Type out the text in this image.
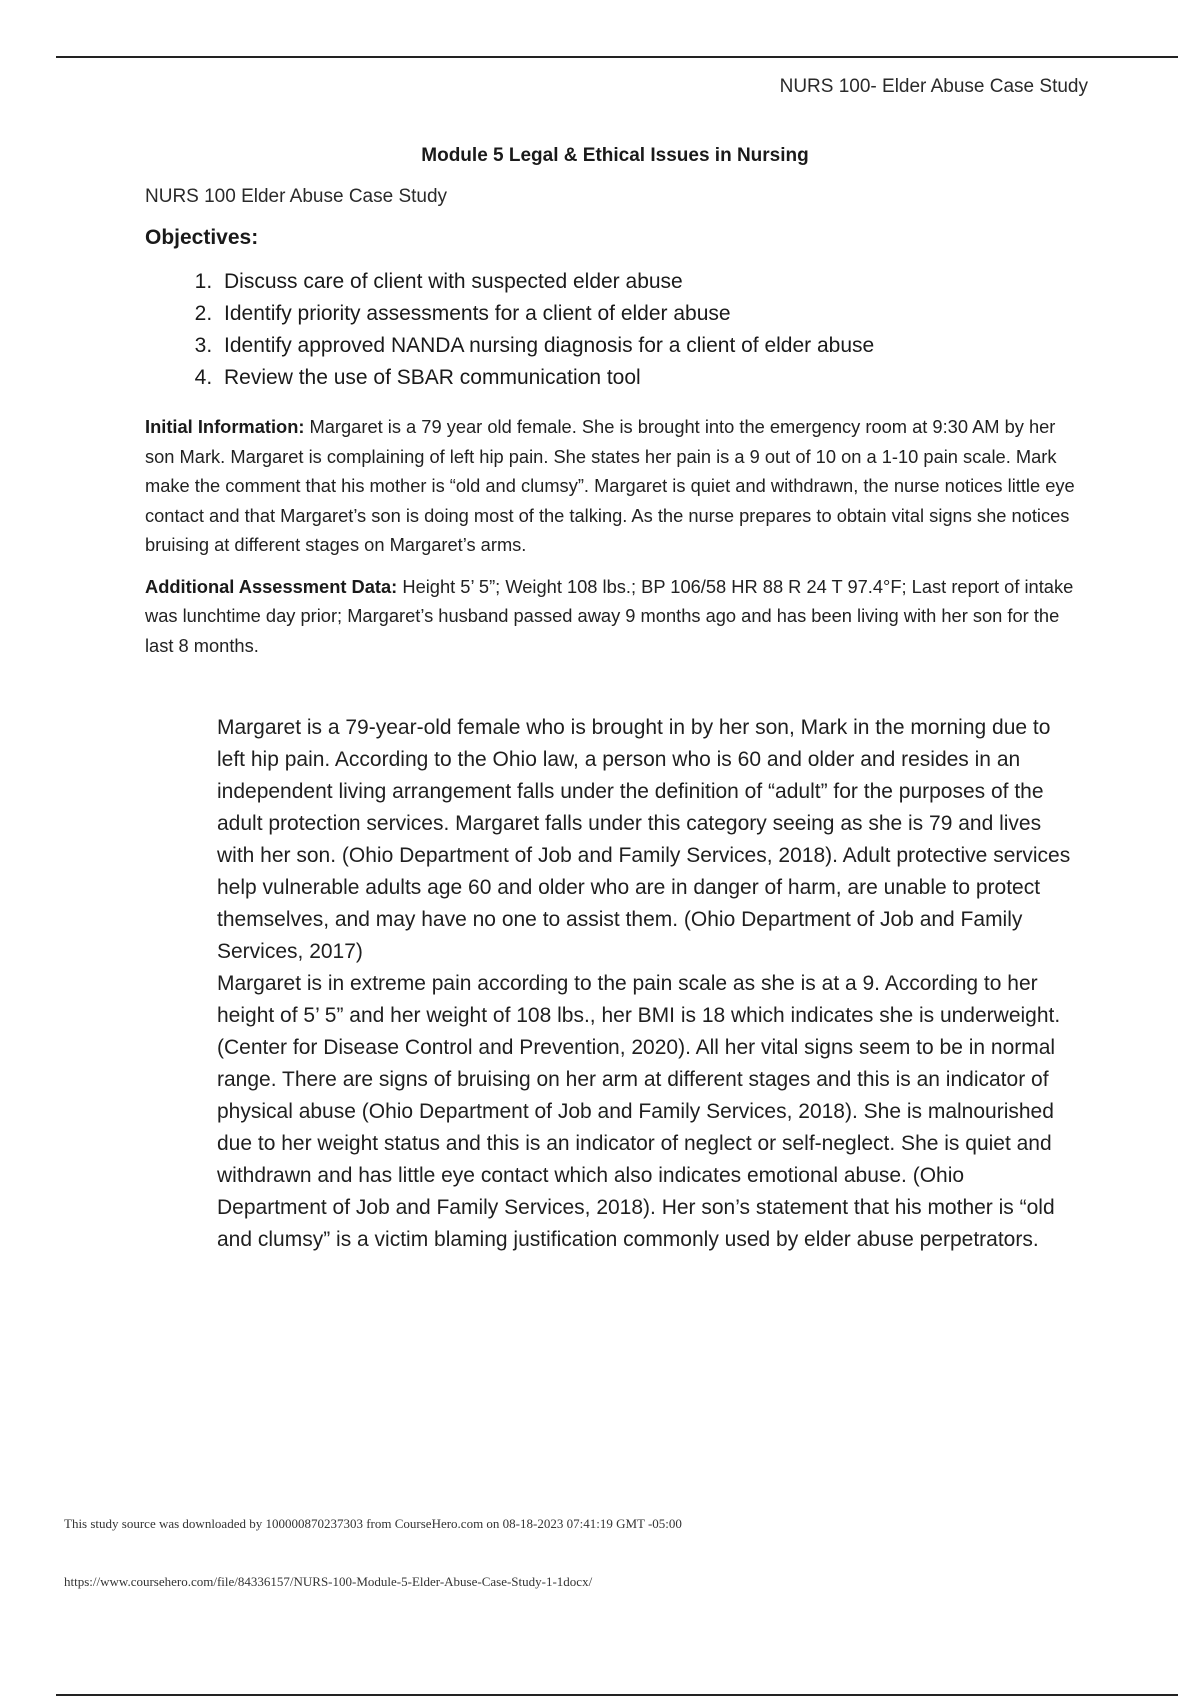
NURS 100- Elder Abuse Case Study

Module 5 Legal & Ethical Issues in Nursing

NURS 100 Elder Abuse Case Study

Objectives:

1. Discuss care of client with suspected elder abuse
2. Identify priority assessments for a client of elder abuse
3. Identify approved NANDA nursing diagnosis for a client of elder abuse
4. Review the use of SBAR communication tool

Initial Information: Margaret is a 79 year old female. She is brought into the emergency room at 9:30 AM by her son Mark. Margaret is complaining of left hip pain. She states her pain is a 9 out of 10 on a 1-10 pain scale. Mark make the comment that his mother is “old and clumsy”. Margaret is quiet and withdrawn, the nurse notices little eye contact and that Margaret’s son is doing most of the talking. As the nurse prepares to obtain vital signs she notices bruising at different stages on Margaret’s arms.

Additional Assessment Data: Height 5’ 5”; Weight 108 lbs.; BP 106/58 HR 88 R 24 T 97.4°F; Last report of intake was lunchtime day prior; Margaret’s husband passed away 9 months ago and has been living with her son for the last 8 months.

Margaret is a 79-year-old female who is brought in by her son, Mark in the morning due to left hip pain. According to the Ohio law, a person who is 60 and older and resides in an independent living arrangement falls under the definition of “adult” for the purposes of the adult protection services. Margaret falls under this category seeing as she is 79 and lives with her son. (Ohio Department of Job and Family Services, 2018). Adult protective services help vulnerable adults age 60 and older who are in danger of harm, are unable to protect themselves, and may have no one to assist them. (Ohio Department of Job and Family Services, 2017)

Margaret is in extreme pain according to the pain scale as she is at a 9. According to her height of 5’ 5” and her weight of 108 lbs., her BMI is 18 which indicates she is underweight. (Center for Disease Control and Prevention, 2020). All her vital signs seem to be in normal range. There are signs of bruising on her arm at different stages and this is an indicator of physical abuse (Ohio Department of Job and Family Services, 2018). She is malnourished due to her weight status and this is an indicator of neglect or self-neglect. She is quiet and withdrawn and has little eye contact which also indicates emotional abuse. (Ohio Department of Job and Family Services, 2018). Her son’s statement that his mother is “old and clumsy” is a victim blaming justification commonly used by elder abuse perpetrators.

This study source was downloaded by 100000870237303 from CourseHero.com on 08-18-2023 07:41:19 GMT -05:00

https://www.coursehero.com/file/84336157/NURS-100-Module-5-Elder-Abuse-Case-Study-1-1docx/
